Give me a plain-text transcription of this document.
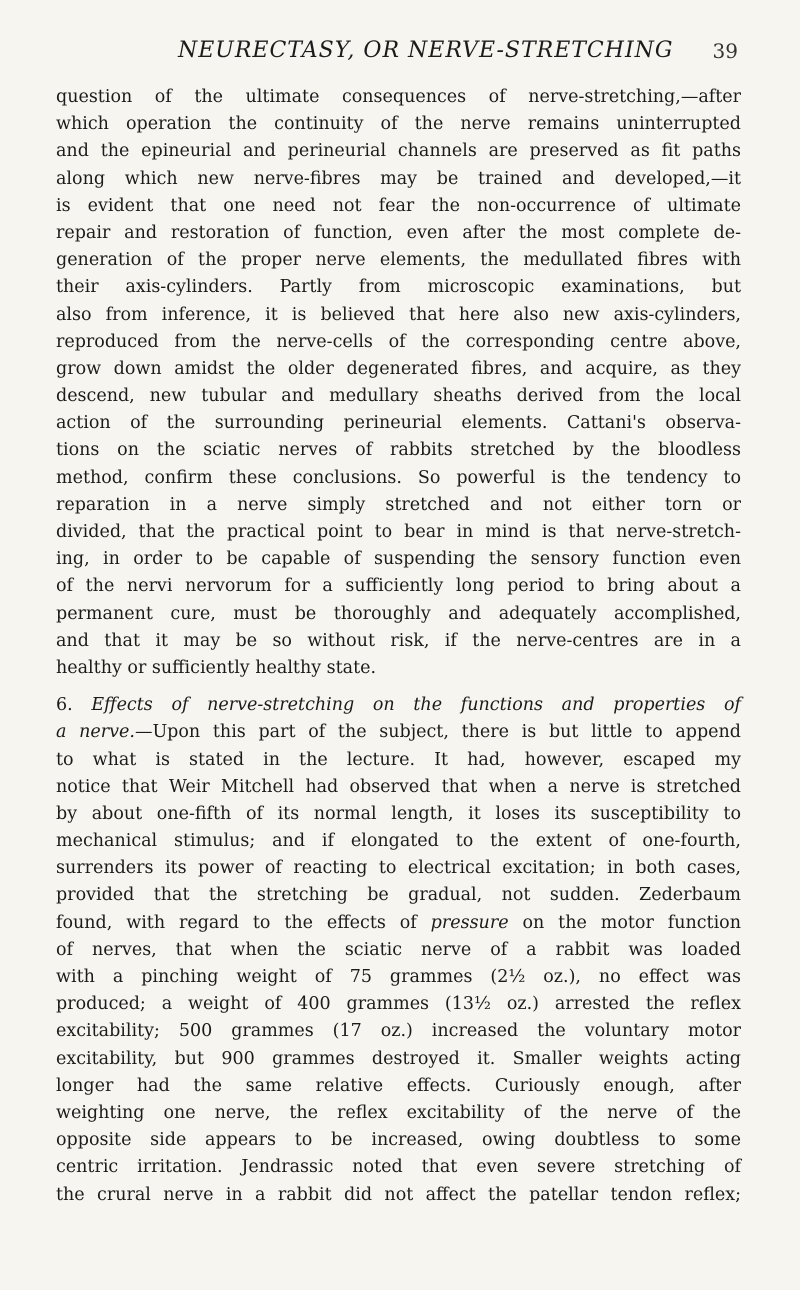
NEURECTASY, OR NERVE-STRETCHING 39
question of the ultimate consequences of nerve-stretching,—after
which operation the continuity of the nerve remains uninterrupted
and the epineurial and perineurial channels are preserved as fit paths
along which new nerve-fibres may be trained and developed,—it
is evident that one need not fear the non-occurrence of ultimate
repair and restoration of function, even after the most complete de-
generation of the proper nerve elements, the medullated fibres with
their axis-cylinders. Partly from microscopic examinations, but
also from inference, it is believed that here also new axis-cylinders,
reproduced from the nerve-cells of the corresponding centre above,
grow down amidst the older degenerated fibres, and acquire, as they
descend, new tubular and medullary sheaths derived from the local
action of the surrounding perineurial elements. Cattani's observa-
tions on the sciatic nerves of rabbits stretched by the bloodless
method, confirm these conclusions. So powerful is the tendency to
reparation in a nerve simply stretched and not either torn or
divided, that the practical point to bear in mind is that nerve-stretch-
ing, in order to be capable of suspending the sensory function even
of the nervi nervorum for a sufficiently long period to bring about a
permanent cure, must be thoroughly and adequately accomplished,
and that it may be so without risk, if the nerve-centres are in a
healthy or sufficiently healthy state.
6. Effects of nerve-stretching on the functions and properties of
a nerve.—Upon this part of the subject, there is but little to append
to what is stated in the lecture. It had, however, escaped my
notice that Weir Mitchell had observed that when a nerve is stretched
by about one-fifth of its normal length, it loses its susceptibility to
mechanical stimulus; and if elongated to the extent of one-fourth,
surrenders its power of reacting to electrical excitation; in both cases,
provided that the stretching be gradual, not sudden. Zederbaum
found, with regard to the effects of pressure on the motor function
of nerves, that when the sciatic nerve of a rabbit was loaded
with a pinching weight of 75 grammes (2½ oz.), no effect was
produced; a weight of 400 grammes (13½ oz.) arrested the reflex
excitability; 500 grammes (17 oz.) increased the voluntary motor
excitability, but 900 grammes destroyed it. Smaller weights acting
longer had the same relative effects. Curiously enough, after
weighting one nerve, the reflex excitability of the nerve of the
opposite side appears to be increased, owing doubtless to some
centric irritation. Jendrassic noted that even severe stretching of
the crural nerve in a rabbit did not affect the patellar tendon reflex;
